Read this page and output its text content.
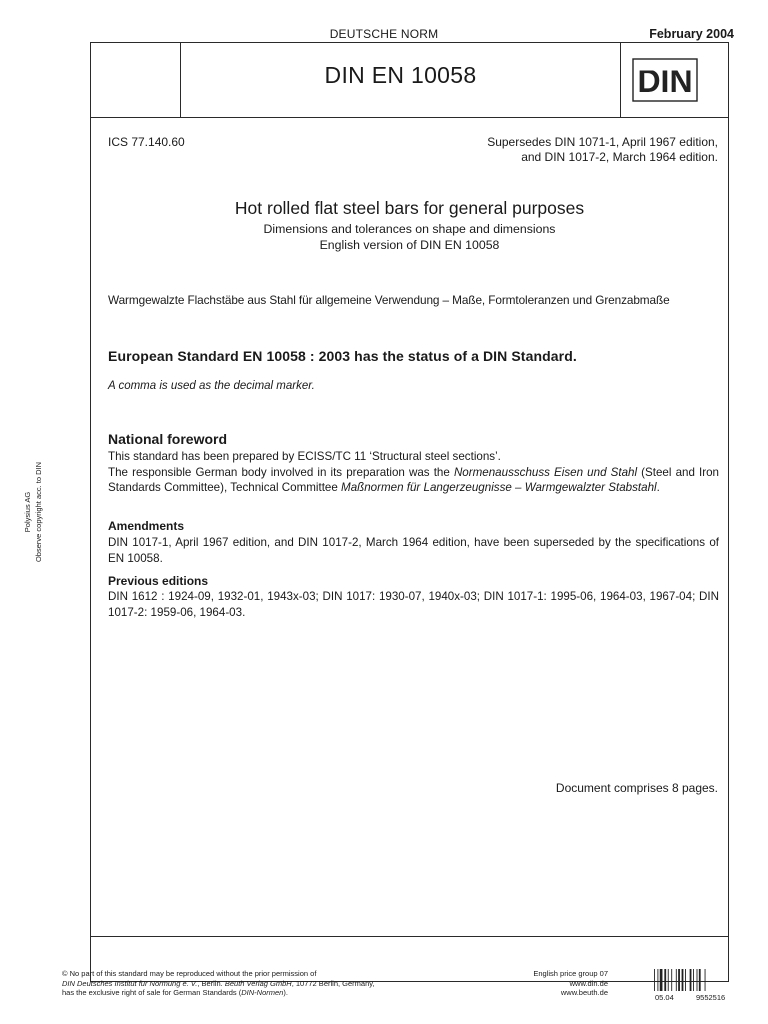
DEUTSCHE NORM	February 2004
DIN EN 10058	DIN
ICS 77.140.60	Supersedes DIN 1071-1, April 1967 edition,
and DIN 1017-2, March 1964 edition.
Hot rolled flat steel bars for general purposes
Dimensions and tolerances on shape and dimensions
English version of DIN EN 10058
Warmgewalzte Flachstäbe aus Stahl für allgemeine Verwendung – Maße, Formtoleranzen und Grenzabmaße
European Standard EN 10058 : 2003 has the status of a DIN Standard.
A comma is used as the decimal marker.
National foreword

This standard has been prepared by ECISS/TC 11 ‘Structural steel sections’.

The responsible German body involved in its preparation was the Normenausschuss Eisen und Stahl (Steel and Iron Standards Committee), Technical Committee Maßnormen für Langerzeugnisse – Warmgewalzter Stabstahl.

Amendments
DIN 1017-1, April 1967 edition, and DIN 1017-2, March 1964 edition, have been superseded by the specifications of EN 10058.
Previous editions
DIN 1612 : 1924-09, 1932-01, 1943x-03; DIN 1017: 1930-07, 1940x-03; DIN 1017-1: 1995-06, 1964-03, 1967-04; DIN 1017-2: 1959-06, 1964-03.
Document comprises 8 pages.
Polysius AG Observe copyright acc. to DIN
© No part of this standard may be reproduced without the prior permission of
DIN Deutsches Institut für Normung e. V., Berlin. Beuth Verlag GmbH, 10772 Berlin, Germany,
has the exclusive right of sale for German Standards (DIN-Normen).
English price group 07
www.din.de
www.beuth.de
05.04	9552516
